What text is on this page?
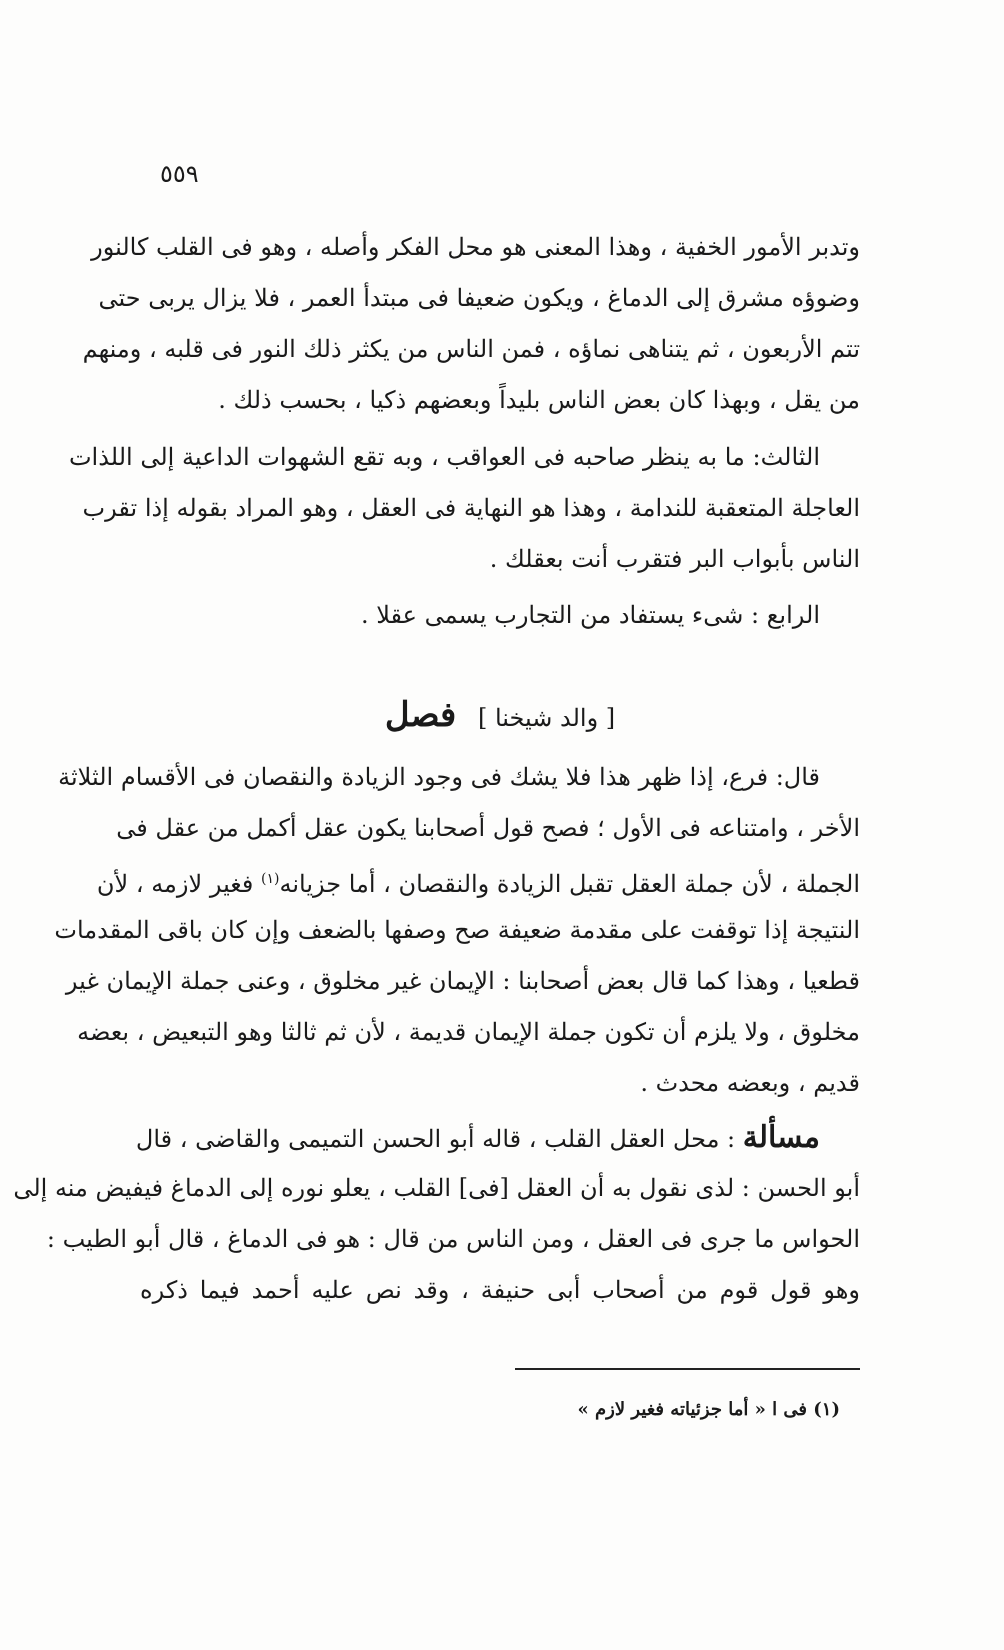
٥٥٩
وتدبر الأمور الخفية ، وهذا المعنى هو محل الفكر وأصله ، وهو فى القلب كالنور
وضوؤه مشرق إلى الدماغ ، ويكون ضعيفا فى مبتدأ العمر ، فلا يزال يربى حتى
تتم الأربعون ، ثم يتناهى نماؤه ، فمن الناس من يكثر ذلك النور فى قلبه ، ومنهم
من يقل ، وبهذا كان بعض الناس بليداً وبعضهم ذكيا ، بحسب ذلك .
الثالث: ما به ينظر صاحبه فى العواقب ، وبه تقع الشهوات الداعية إلى اللذات
العاجلة المتعقبة للندامة ، وهذا هو النهاية فى العقل ، وهو المراد بقوله إذا تقرب
الناس بأبواب البر فتقرب أنت بعقلك .
الرابع : شىء يستفاد من التجارب يسمى عقلا .
[ والد شيخنا ] فصل
قال: فرع، إذا ظهر هذا فلا يشك فى وجود الزيادة والنقصان فى الأقسام الثلاثة
الأخر ، وامتناعه فى الأول ؛ فصح قول أصحابنا يكون عقل أكمل من عقل فى
الجملة ، لأن جملة العقل تقبل الزيادة والنقصان ، أما جزيانه$^{(١)}$ فغير لازمه ، لأن
النتيجة إذا توقفت على مقدمة ضعيفة صح وصفها بالضعف وإن كان باقى المقدمات
قطعيا ، وهذا كما قال بعض أصحابنا : الإيمان غير مخلوق ، وعنى جملة الإيمان غير
مخلوق ، ولا يلزم أن تكون جملة الإيمان قديمة ، لأن ثم ثالثا وهو التبعيض ، بعضه
قديم ، وبعضه محدث .
مسألة : محل العقل القلب ، قاله أبو الحسن التميمى والقاضى ، قال
أبو الحسن : لذى نقول به أن العقل [فى] القلب ، يعلو نوره إلى الدماغ فيفيض منه إلى
الحواس ما جرى فى العقل ، ومن الناس من قال : هو فى الدماغ ، قال أبو الطيب :
وهو قول قوم من أصحاب أبى حنيفة ، وقد نص عليه أحمد فيما ذكره
(١) فى ا « أما جزئياته فغير لازم »
